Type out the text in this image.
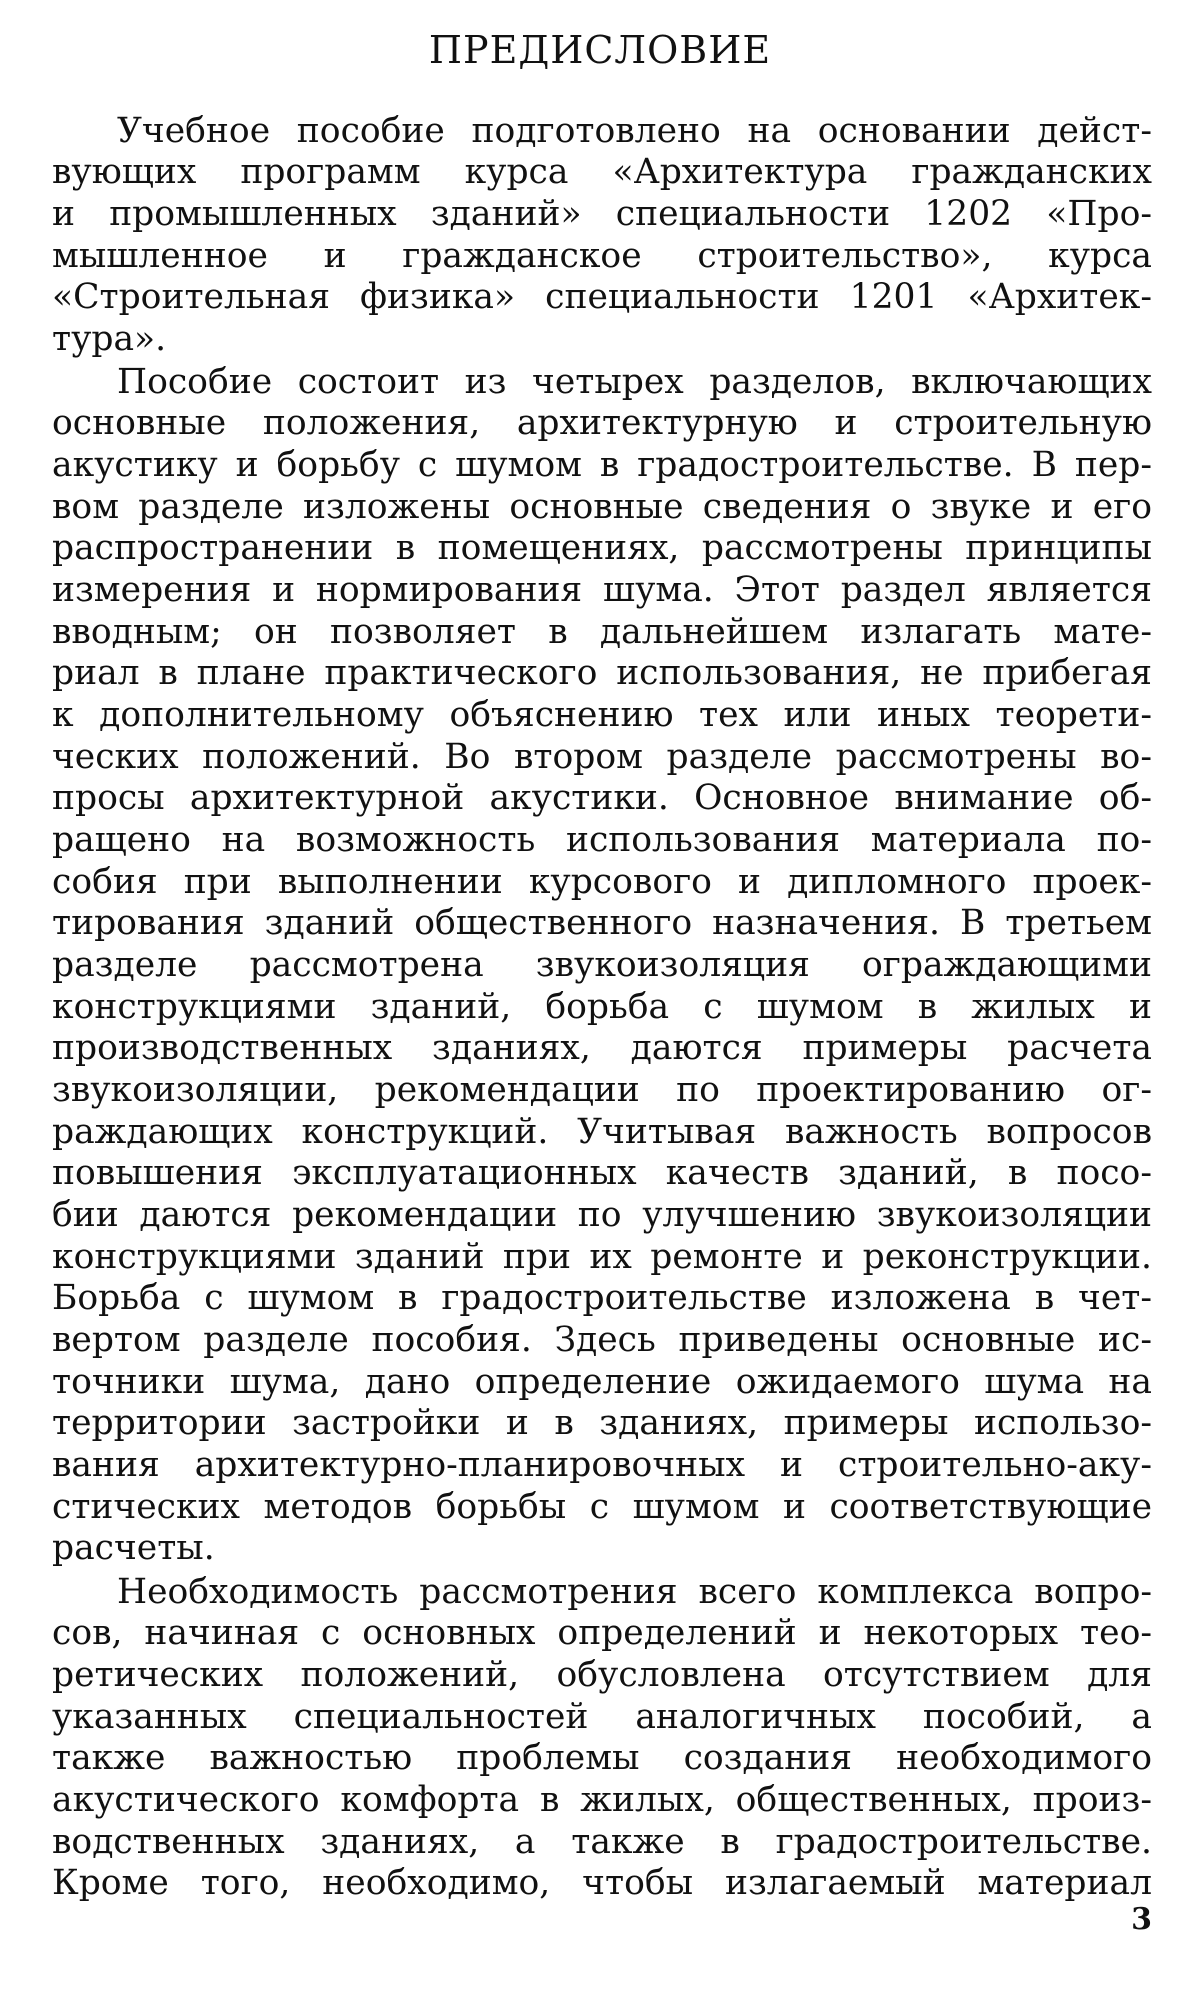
ПРЕДИСЛОВИЕ
Учебное пособие подготовлено на основании дейст-
вующих программ курса «Архитектура гражданских
и промышленных зданий» специальности 1202 «Про-
мышленное и гражданское строительство», курса
«Строительная физика» специальности 1201 «Архитек-
тура».
Пособие состоит из четырех разделов, включающих
основные положения, архитектурную и строительную
акустику и борьбу с шумом в градостроительстве. В пер-
вом разделе изложены основные сведения о звуке и его
распространении в помещениях, рассмотрены принципы
измерения и нормирования шума. Этот раздел является
вводным; он позволяет в дальнейшем излагать мате-
риал в плане практического использования, не прибегая
к дополнительному объяснению тех или иных теорети-
ческих положений. Во втором разделе рассмотрены во-
просы архитектурной акустики. Основное внимание об-
ращено на возможность использования материала по-
собия при выполнении курсового и дипломного проек-
тирования зданий общественного назначения. В третьем
разделе рассмотрена звукоизоляция ограждающими
конструкциями зданий, борьба с шумом в жилых и
производственных зданиях, даются примеры расчета
звукоизоляции, рекомендации по проектированию ог-
раждающих конструкций. Учитывая важность вопросов
повышения эксплуатационных качеств зданий, в посо-
бии даются рекомендации по улучшению звукоизоляции
конструкциями зданий при их ремонте и реконструкции.
Борьба с шумом в градостроительстве изложена в чет-
вертом разделе пособия. Здесь приведены основные ис-
точники шума, дано определение ожидаемого шума на
территории застройки и в зданиях, примеры использо-
вания архитектурно-планировочных и строительно-аку-
стических методов борьбы с шумом и соответствующие
расчеты.
Необходимость рассмотрения всего комплекса вопро-
сов, начиная с основных определений и некоторых тео-
ретических положений, обусловлена отсутствием для
указанных специальностей аналогичных пособий, а
также важностью проблемы создания необходимого
акустического комфорта в жилых, общественных, произ-
водственных зданиях, а также в градостроительстве.
Кроме того, необходимо, чтобы излагаемый материал
3
